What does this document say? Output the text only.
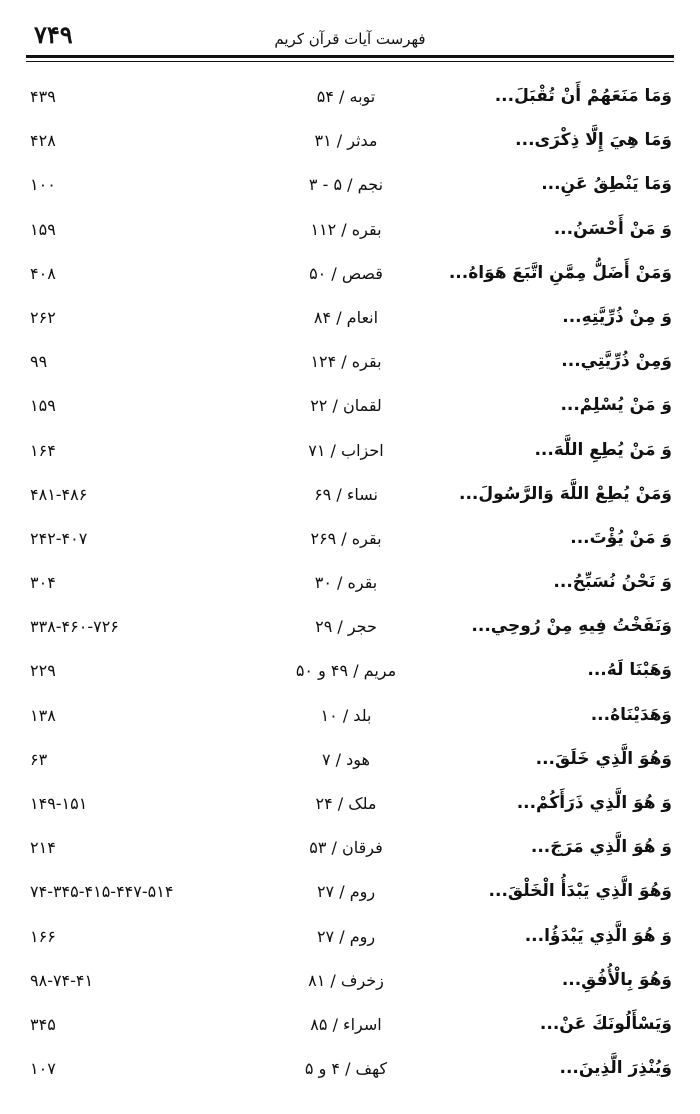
۷۴۹	فهرست آيات قرآن كريم
وَمَا مَنَعَهُمْ أَنْ تُقْبَلَ...
توبه / ۵۴
۴۳۹
وَمَا هِيَ إِلَّا ذِكْرَى...
مدثر / ۳۱
۴۲۸
وَمَا يَنْطِقُ عَنِ...
نجم / ۵ - ۳
۱۰۰
وَ مَنْ أَحْسَنُ...
بقره / ۱۱۲
۱۵۹
وَمَنْ أَضَلُّ مِمَّنِ اتَّبَعَ هَوَاهُ...
قصص / ۵۰
۴۰۸
وَ مِنْ ذُرِّيَّتِهِ...
انعام / ۸۴
۲۶۲
وَمِنْ ذُرِّيَّتِي...
بقره / ۱۲۴
۹۹
وَ مَنْ يُسْلِمْ...
لقمان / ۲۲
۱۵۹
وَ مَنْ يُطِعِ اللَّهَ...
احزاب / ۷۱
۱۶۴
وَمَنْ يُطِعْ اللَّهَ وَالرَّسُولَ...
نساء / ۶۹
۴۸۱-۴۸۶
وَ مَنْ يُؤْتَ...
بقره / ۲۶۹
۲۴۲-۴۰۷
وَ نَحْنُ نُسَبِّحُ...
بقره / ۳۰
۳۰۴
وَنَفَخْتُ فِيهِ مِنْ رُوحِي...
حجر / ۲۹
۳۳۸-۴۶۰-۷۲۶
وَهَبْنَا لَهُ...
مريم / ۴۹ و ۵۰
۲۲۹
وَهَدَيْنَاهُ...
بلد / ۱۰
۱۳۸
وَهُوَ الَّذِي خَلَقَ...
هود / ۷
۶۳
وَ هُوَ الَّذِي ذَرَأَكُمْ...
ملک / ۲۴
۱۴۹-۱۵۱
وَ هُوَ الَّذِي مَرَجَ...
فرقان / ۵۳
۲۱۴
وَهُوَ الَّذِي يَبْدَأُ الْخَلْقَ...
روم / ۲۷
۷۴-۳۴۵-۴۱۵-۴۴۷-۵۱۴
وَ هُوَ الَّذِي يَبْدَؤُا...
روم / ۲۷
۱۶۶
وَهُوَ بِالْأُفُقِ...
زخرف / ۸۱
۹۸-۷۴-۴۱
وَيَسْأَلُونَكَ عَنْ...
اسراء / ۸۵
۳۴۵
وَيُنْذِرَ الَّذِينَ...
کهف / ۴ و ۵
۱۰۷
